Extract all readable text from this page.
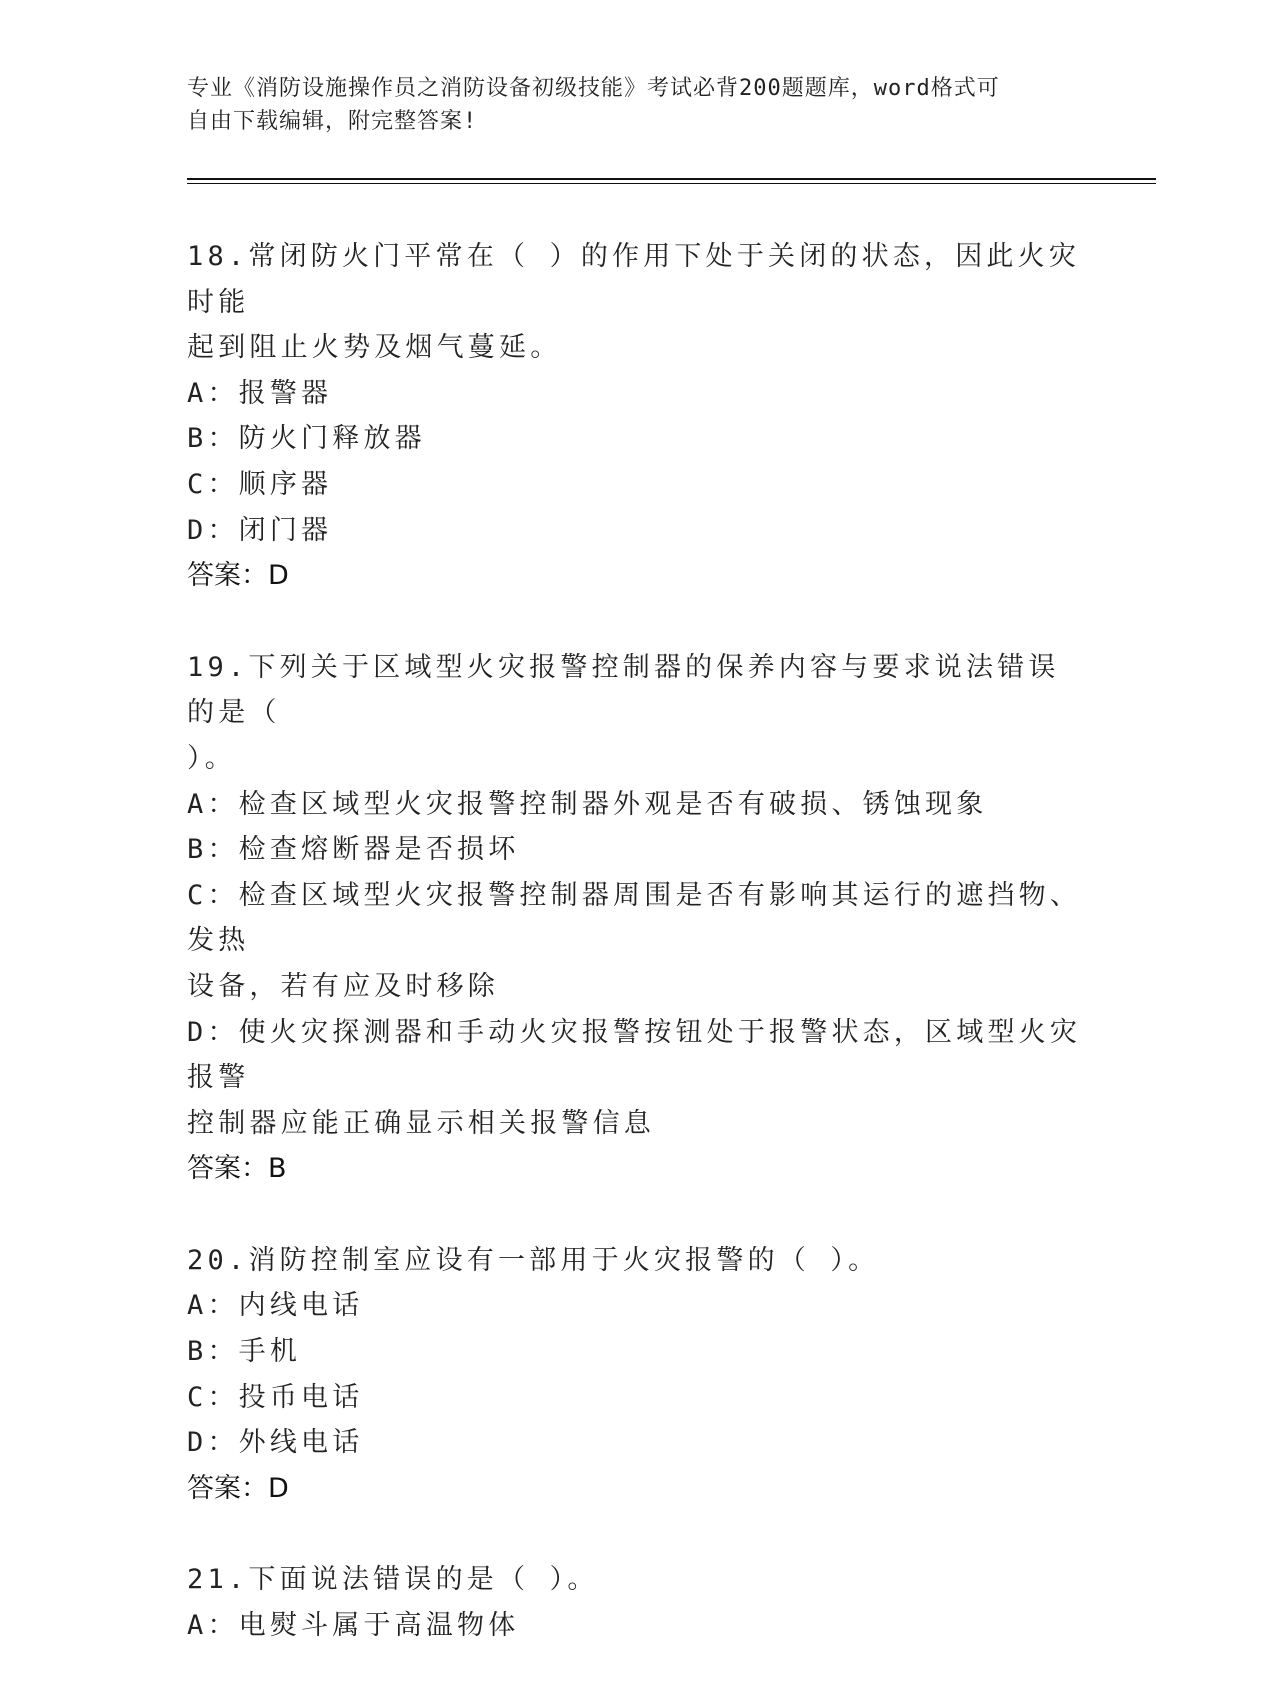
专业《消防设施操作员之消防设备初级技能》考试必背200题题库，word格式可
自由下载编辑，附完整答案!
18.常闭防火门平常在（ ）的作用下处于关闭的状态，因此火灾时能
起到阻止火势及烟气蔓延。
A：报警器
B：防火门释放器
C：顺序器
D：闭门器
答案：D
19.下列关于区域型火灾报警控制器的保养内容与要求说法错误的是（
）。
A：检查区域型火灾报警控制器外观是否有破损、锈蚀现象
B：检查熔断器是否损坏
C：检查区域型火灾报警控制器周围是否有影响其运行的遮挡物、发热
设备，若有应及时移除
D：使火灾探测器和手动火灾报警按钮处于报警状态，区域型火灾报警
控制器应能正确显示相关报警信息
答案：B
20.消防控制室应设有一部用于火灾报警的（ ）。
A：内线电话
B：手机
C：投币电话
D：外线电话
答案：D
21.下面说法错误的是（ ）。
A：电熨斗属于高温物体
